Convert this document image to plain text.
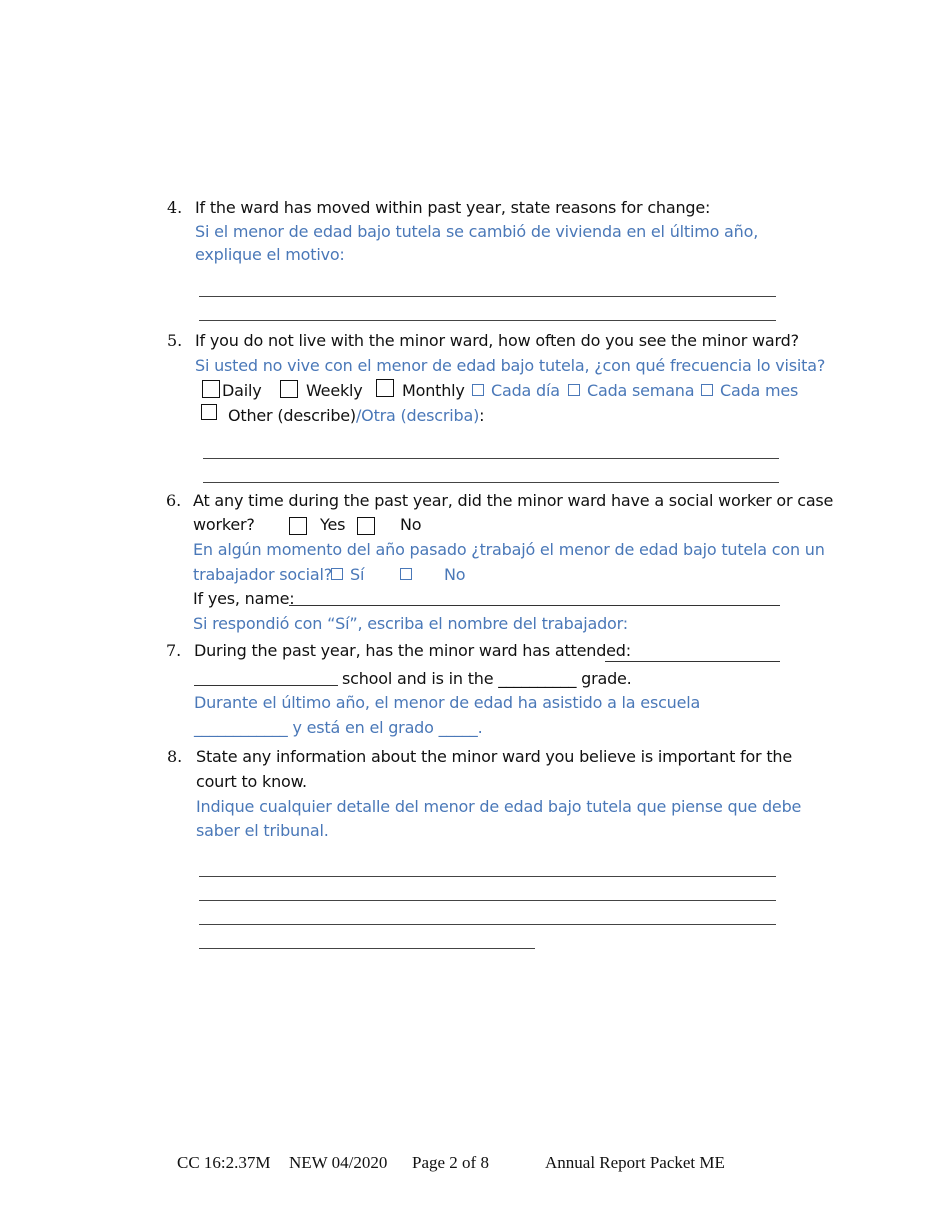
4. If the ward has moved within past year, state reasons for change:
Si el menor de edad bajo tutela se cambió de vivienda en el último año,
explique el motivo:
5. If you do not live with the minor ward, how often do you see the minor ward?
Si usted no vive con el menor de edad bajo tutela, ¿con qué frecuencia lo visita?
Daily	Weekly Monthly Cada día Cada semana Cada mes
Other (describe)/Otra (describa):
6. At any time during the past year, did the minor ward have a social worker or case
worker?	Yes	No
En algún momento del año pasado ¿trabajó el menor de edad bajo tutela con un
trabajador social? Sí	No
If yes, name:
Si respondió con “Sí”, escriba el nombre del trabajador:
7. During the past year, has the minor ward has attended:
school and is in the __________ grade.
Durante el último año, el menor de edad ha asistido a la escuela
____________ y está en el grado _____.
8. State any information about the minor ward you believe is important for the
court to know.
Indique cualquier detalle del menor de edad bajo tutela que piense que debe
saber el tribunal.
CC 16:2.37M NEW 04/2020 Page 2 of 8	Annual Report Packet ME
